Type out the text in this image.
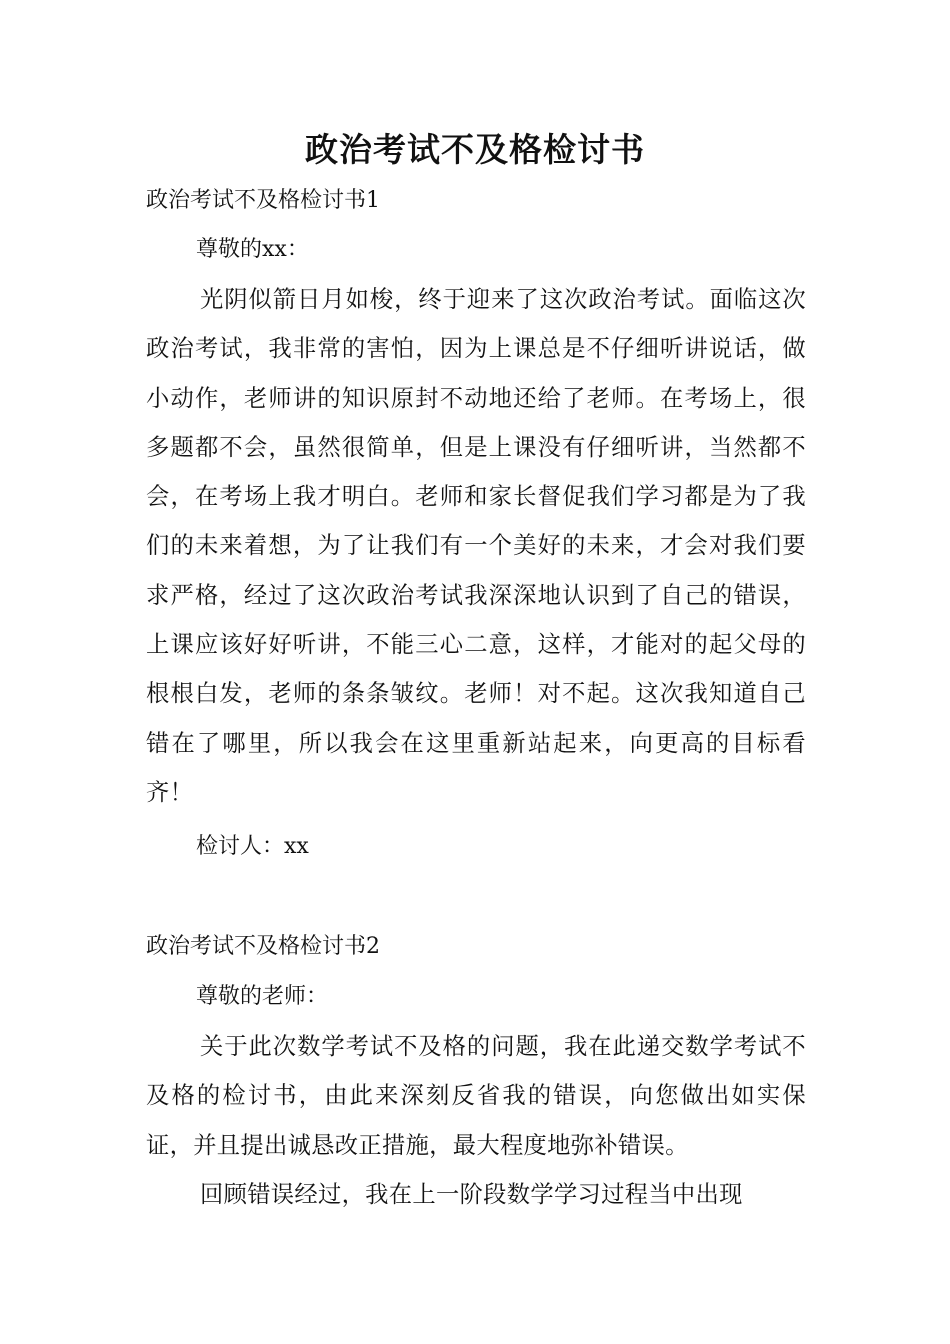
政治考试不及格检讨书
政治考试不及格检讨书1
尊敬的xx：

光阴似箭日月如梭，终于迎来了这次政治考试。面临这次政治考试，我非常的害怕，因为上课总是不仔细听讲说话，做小动作，老师讲的知识原封不动地还给了老师。在考场上，很多题都不会，虽然很简单，但是上课没有仔细听讲，当然都不会，在考场上我才明白。老师和家长督促我们学习都是为了我们的未来着想，为了让我们有一个美好的未来，才会对我们要求严格，经过了这次政治考试我深深地认识到了自己的错误，上课应该好好听讲，不能三心二意，这样，才能对的起父母的根根白发，老师的条条皱纹。老师！对不起。这次我知道自己错在了哪里，所以我会在这里重新站起来，向更高的目标看齐！

检讨人：xx
政治考试不及格检讨书2
尊敬的老师：

关于此次数学考试不及格的问题，我在此递交数学考试不及格的检讨书，由此来深刻反省我的错误，向您做出如实保证，并且提出诚恳改正措施，最大程度地弥补错误。

回顾错误经过，我在上一阶段数学学习过程当中出现
